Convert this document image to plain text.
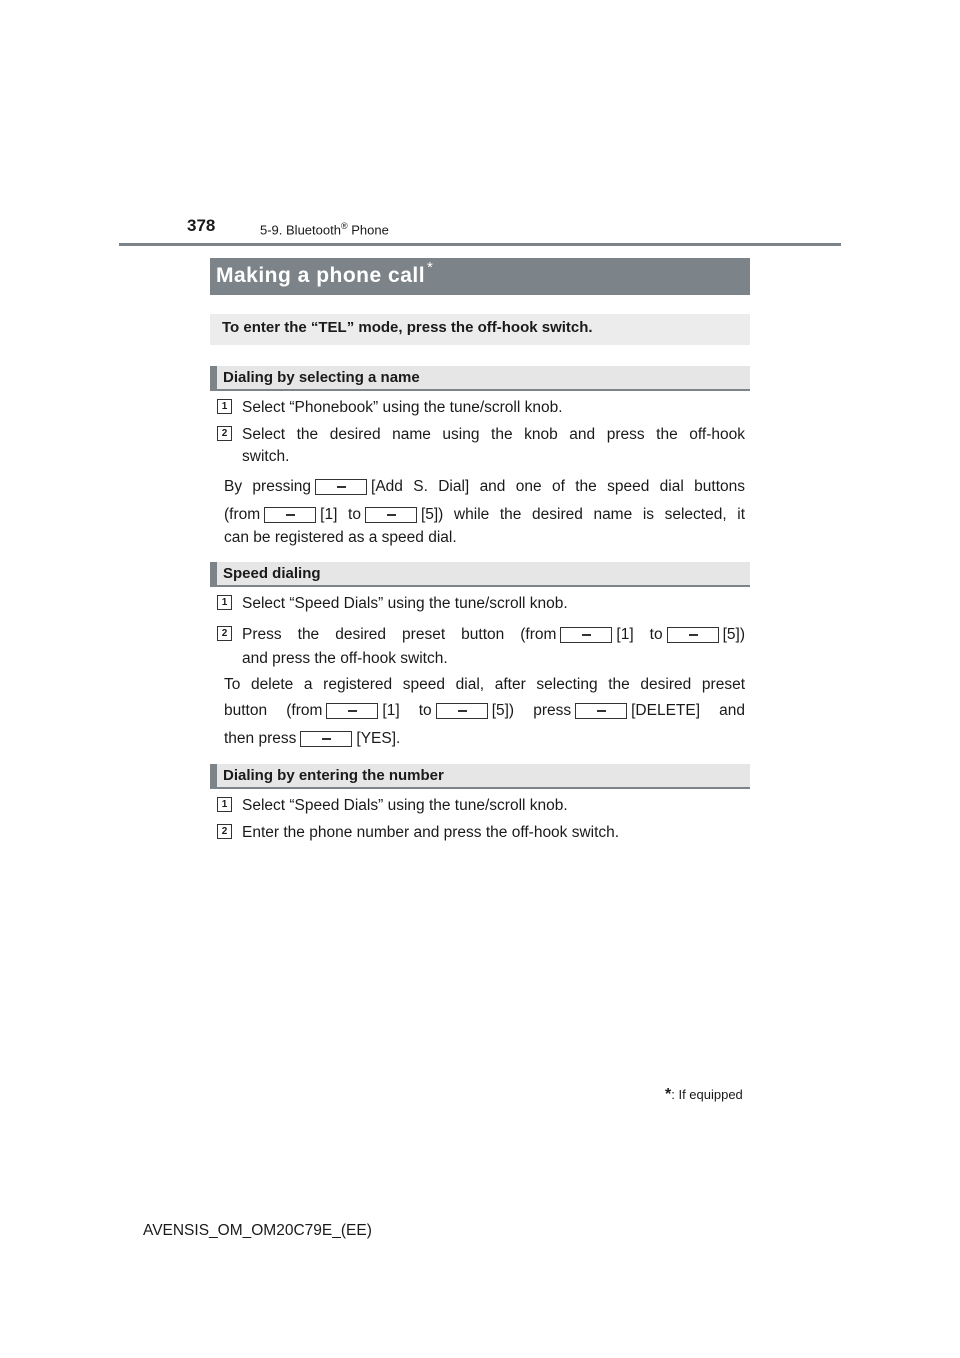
378	5-9. Bluetooth® Phone
Making a phone call *
To enter the “TEL” mode, press the off-hook switch.
Dialing by selecting a name
1 Select “Phonebook” using the tune/scroll knob.
2 Select the desired name using the knob and press the off-hook
switch.
By pressing	[Add S. Dial] and one of the speed dial buttons
(from	[1] to	[5]) while the desired name is selected, it
can be registered as a speed dial.
Speed dialing
1 Select “Speed Dials” using the tune/scroll knob.
2 Press the desired preset button (from	[1] to	[5])
and press the off-hook switch.
To delete a registered speed dial, after selecting the desired preset
button (from	[1] to	[5]) press	[DELETE] and
then press	[YES].
Dialing by entering the number
1 Select “Speed Dials” using the tune/scroll knob.
2 Enter the phone number and press the off-hook switch.
*: If equipped
AVENSIS_OM_OM20C79E_(EE)
